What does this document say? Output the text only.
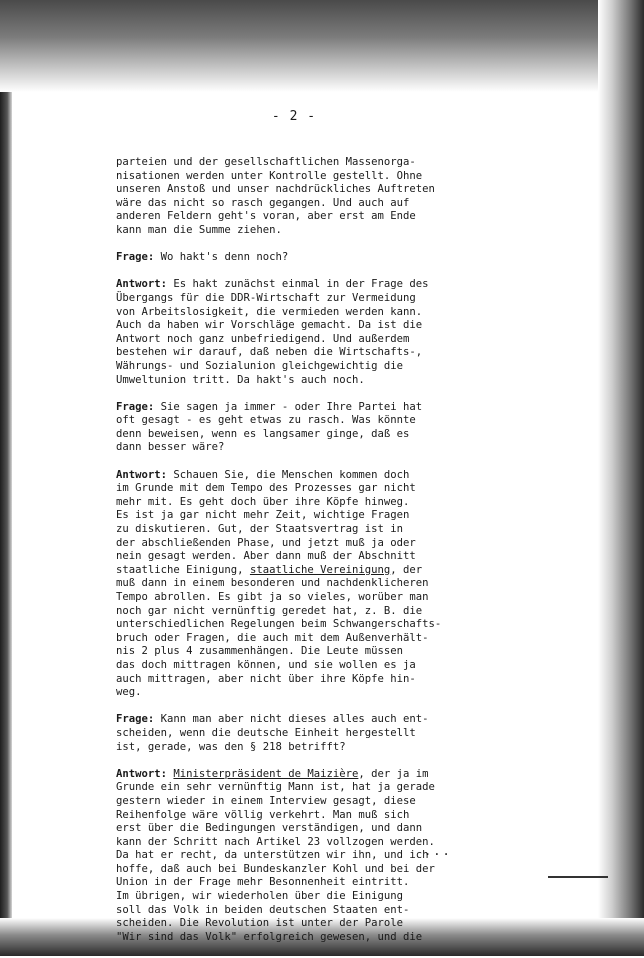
- 2 -
parteien und der gesellschaftlichen Massenorga-
nisationen werden unter Kontrolle gestellt. Ohne
unseren Anstoß und unser nachdrückliches Auftreten
wäre das nicht so rasch gegangen. Und auch auf
anderen Feldern geht's voran, aber erst am Ende
kann man die Summe ziehen.
Frage: Wo hakt's denn noch?
Antwort: Es hakt zunächst einmal in der Frage des
Übergangs für die DDR-Wirtschaft zur Vermeidung
von Arbeitslosigkeit, die vermieden werden kann.
Auch da haben wir Vorschläge gemacht. Da ist die
Antwort noch ganz unbefriedigend. Und außerdem
bestehen wir darauf, daß neben die Wirtschafts-,
Währungs- und Sozialunion gleichgewichtig die
Umweltunion tritt. Da hakt's auch noch.
Frage: Sie sagen ja immer - oder Ihre Partei hat
oft gesagt - es geht etwas zu rasch. Was könnte
denn beweisen, wenn es langsamer ginge, daß es
dann besser wäre?
Antwort: Schauen Sie, die Menschen kommen doch
im Grunde mit dem Tempo des Prozesses gar nicht
mehr mit. Es geht doch über ihre Köpfe hinweg.
Es ist ja gar nicht mehr Zeit, wichtige Fragen
zu diskutieren. Gut, der Staatsvertrag ist in
der abschließenden Phase, und jetzt muß ja oder
nein gesagt werden. Aber dann muß der Abschnitt
staatliche Einigung, staatliche Vereinigung, der
muß dann in einem besonderen und nachdenklicheren
Tempo abrollen. Es gibt ja so vieles, worüber man
noch gar nicht vernünftig geredet hat, z. B. die
unterschiedlichen Regelungen beim Schwangerschafts-
bruch oder Fragen, die auch mit dem Außenverhält-
nis 2 plus 4 zusammenhängen. Die Leute müssen
das doch mittragen können, und sie wollen es ja
auch mittragen, aber nicht über ihre Köpfe hin-
weg.
Frage: Kann man aber nicht dieses alles auch ent-
scheiden, wenn die deutsche Einheit hergestellt
ist, gerade, was den § 218 betrifft?
Antwort: Ministerpräsident de Maizière, der ja im
Grunde ein sehr vernünftig Mann ist, hat ja gerade
gestern wieder in einem Interview gesagt, diese
Reihenfolge wäre völlig verkehrt. Man muß sich
erst über die Bedingungen verständigen, und dann
kann der Schritt nach Artikel 23 vollzogen werden.
Da hat er recht, da unterstützen wir ihn, und ich
hoffe, daß auch bei Bundeskanzler Kohl und bei der
Union in der Frage mehr Besonnenheit eintritt.
Im übrigen, wir wiederholen über die Einigung
soll das Volk in beiden deutschen Staaten ent-
scheiden. Die Revolution ist unter der Parole
"Wir sind das Volk" erfolgreich gewesen, und die
...
